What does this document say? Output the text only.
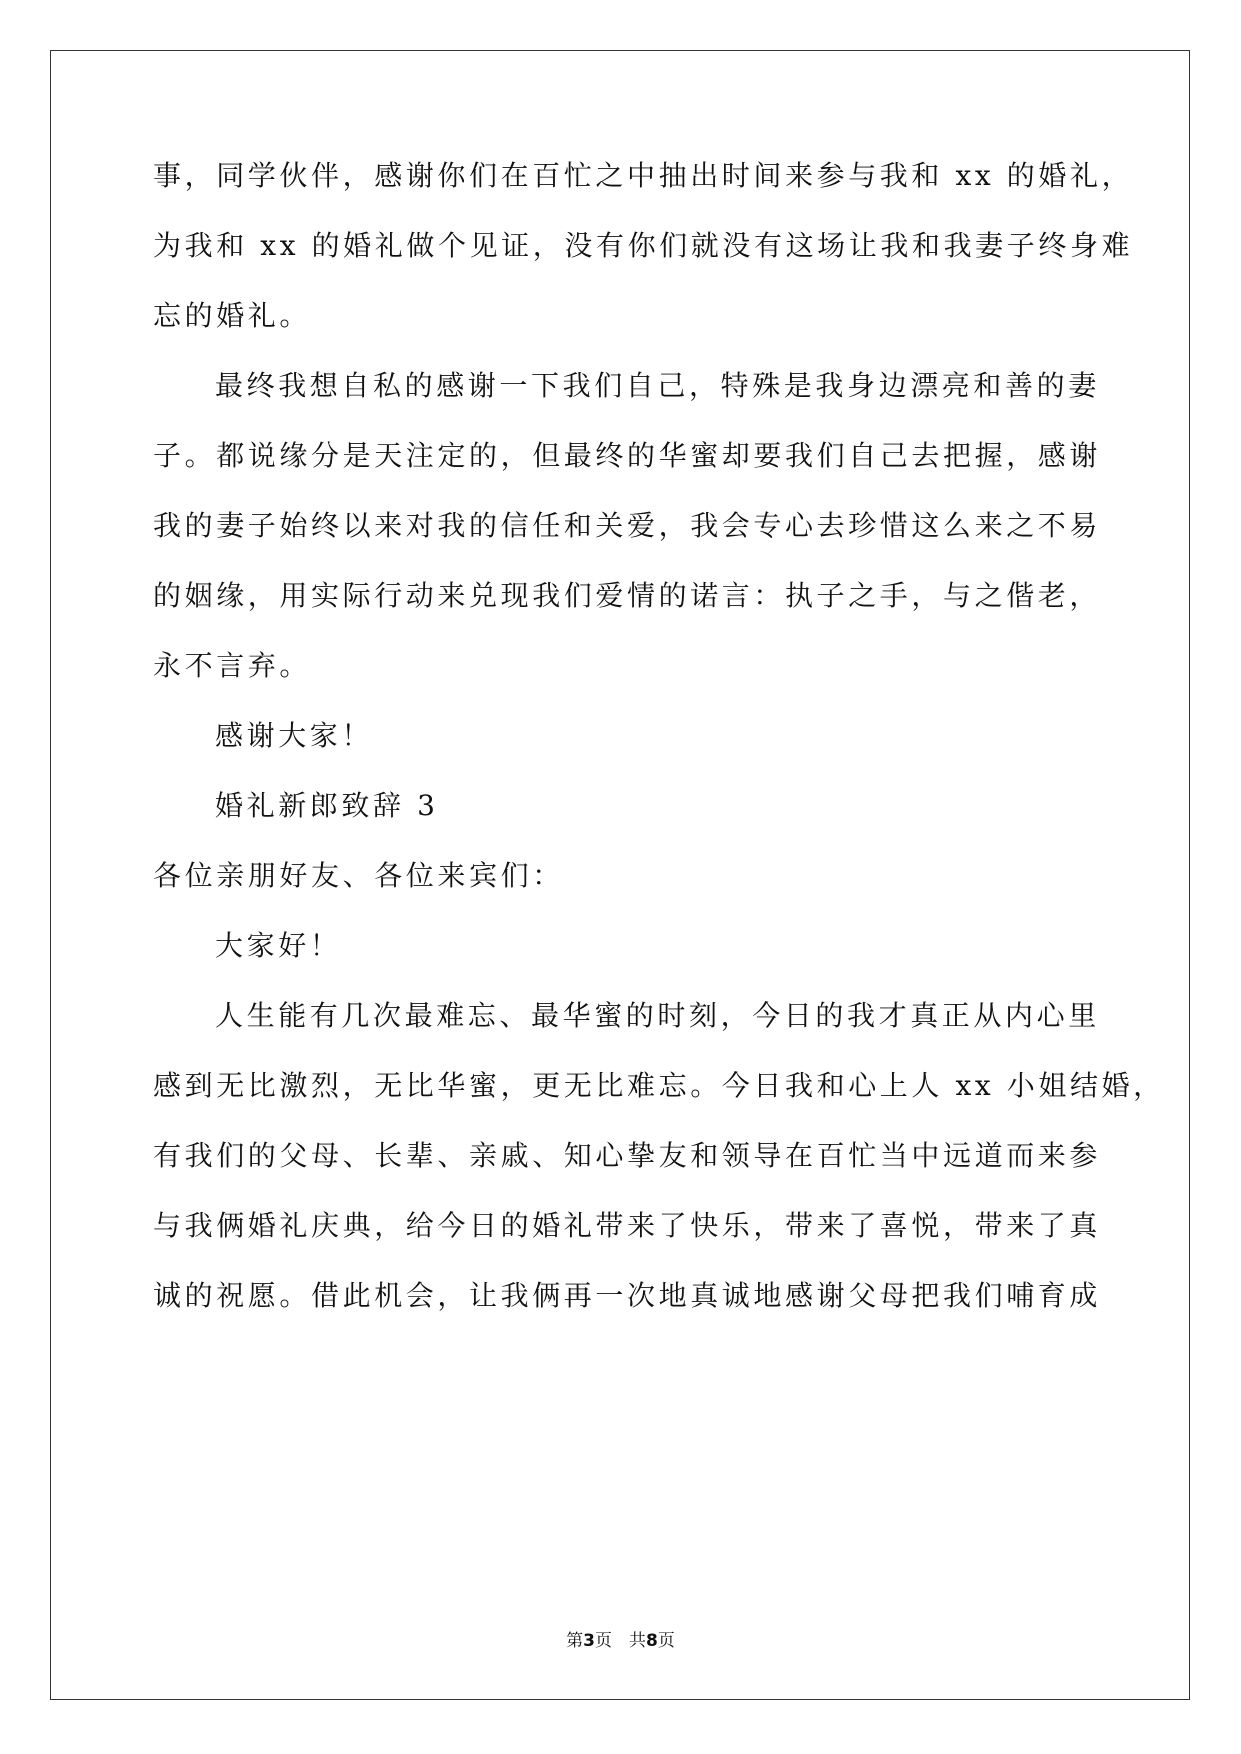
事，同学伙伴，感谢你们在百忙之中抽出时间来参与我和 xx 的婚礼，
为我和 xx 的婚礼做个见证，没有你们就没有这场让我和我妻子终身难
忘的婚礼。
最终我想自私的感谢一下我们自己，特殊是我身边漂亮和善的妻
子。都说缘分是天注定的，但最终的华蜜却要我们自己去把握，感谢
我的妻子始终以来对我的信任和关爱，我会专心去珍惜这么来之不易
的姻缘，用实际行动来兑现我们爱情的诺言：执子之手，与之偕老，
永不言弃。
感谢大家！
婚礼新郎致辞 3
各位亲朋好友、各位来宾们：
大家好！
人生能有几次最难忘、最华蜜的时刻，今日的我才真正从内心里
感到无比激烈，无比华蜜，更无比难忘。今日我和心上人 xx 小姐结婚，
有我们的父母、长辈、亲戚、知心挚友和领导在百忙当中远道而来参
与我俩婚礼庆典，给今日的婚礼带来了快乐，带来了喜悦，带来了真
诚的祝愿。借此机会，让我俩再一次地真诚地感谢父母把我们哺育成
第3页　共8页
